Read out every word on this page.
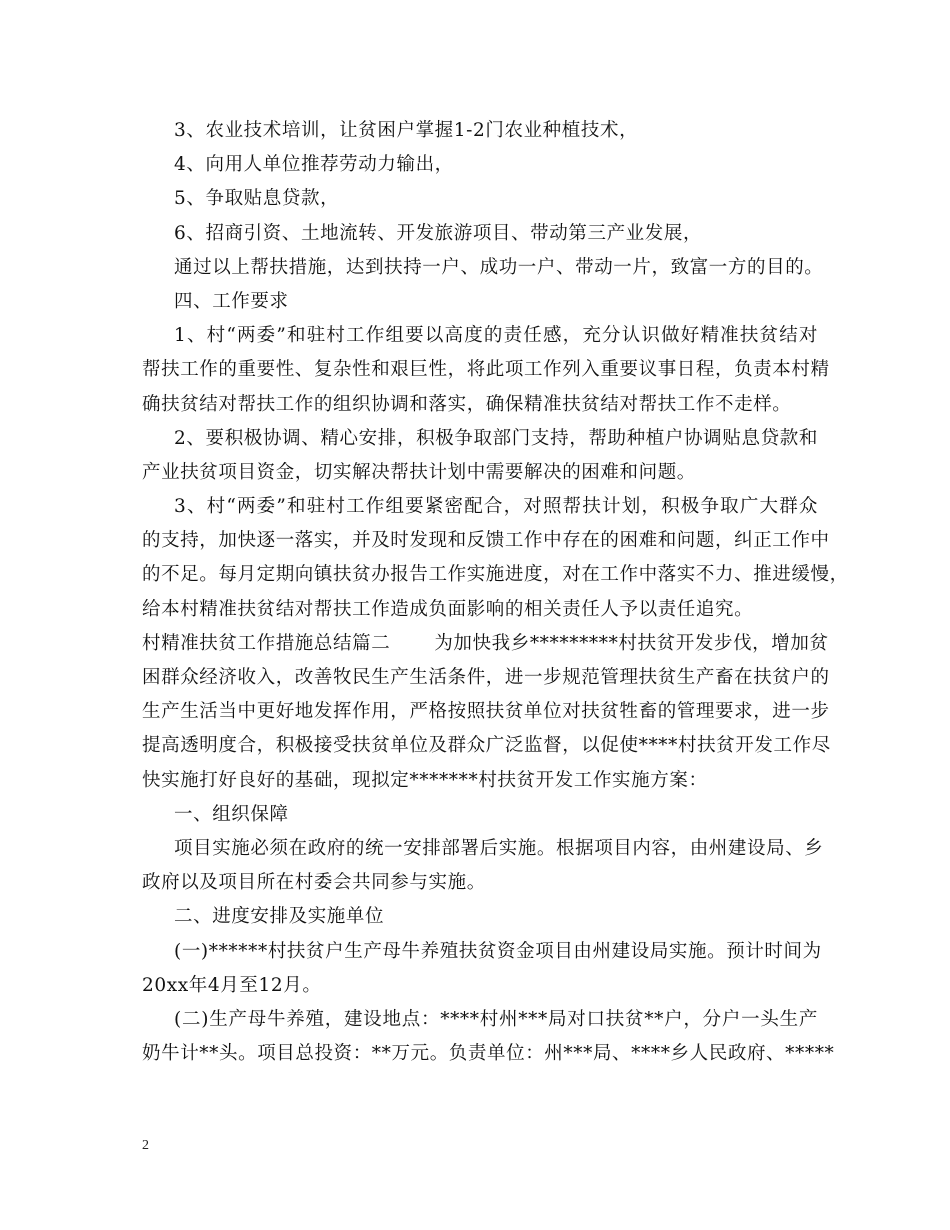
3、农业技术培训，让贫困户掌握1-2门农业种植技术，
4、向用人单位推荐劳动力输出，
5、争取贴息贷款，
6、招商引资、土地流转、开发旅游项目、带动第三产业发展，
通过以上帮扶措施，达到扶持一户、成功一户、带动一片，致富一方的目的。
四、工作要求
1、村“两委”和驻村工作组要以高度的责任感，充分认识做好精准扶贫结对
帮扶工作的重要性、复杂性和艰巨性，将此项工作列入重要议事日程，负责本村精
确扶贫结对帮扶工作的组织协调和落实，确保精准扶贫结对帮扶工作不走样。
2、要积极协调、精心安排，积极争取部门支持，帮助种植户协调贴息贷款和
产业扶贫项目资金，切实解决帮扶计划中需要解决的困难和问题。
3、村“两委”和驻村工作组要紧密配合，对照帮扶计划，积极争取广大群众
的支持，加快逐一落实，并及时发现和反馈工作中存在的困难和问题，纠正工作中
的不足。每月定期向镇扶贫办报告工作实施进度，对在工作中落实不力、推进缓慢，
给本村精准扶贫结对帮扶工作造成负面影响的相关责任人予以责任追究。
村精准扶贫工作措施总结篇二 为加快我乡*********村扶贫开发步伐，增加贫
困群众经济收入，改善牧民生产生活条件，进一步规范管理扶贫生产畜在扶贫户的
生产生活当中更好地发挥作用，严格按照扶贫单位对扶贫牲畜的管理要求，进一步
提高透明度合，积极接受扶贫单位及群众广泛监督，以促使****村扶贫开发工作尽
快实施打好良好的基础，现拟定*******村扶贫开发工作实施方案：
一、组织保障
项目实施必须在政府的统一安排部署后实施。根据项目内容，由州建设局、乡
政府以及项目所在村委会共同参与实施。
二、进度安排及实施单位
(一)******村扶贫户生产母牛养殖扶贫资金项目由州建设局实施。预计时间为
20xx年4月至12月。
(二)生产母牛养殖，建设地点：****村州***局对口扶贫**户，分户一头生产
奶牛计**头。项目总投资：**万元。负责单位：州***局、****乡人民政府、*****
2
